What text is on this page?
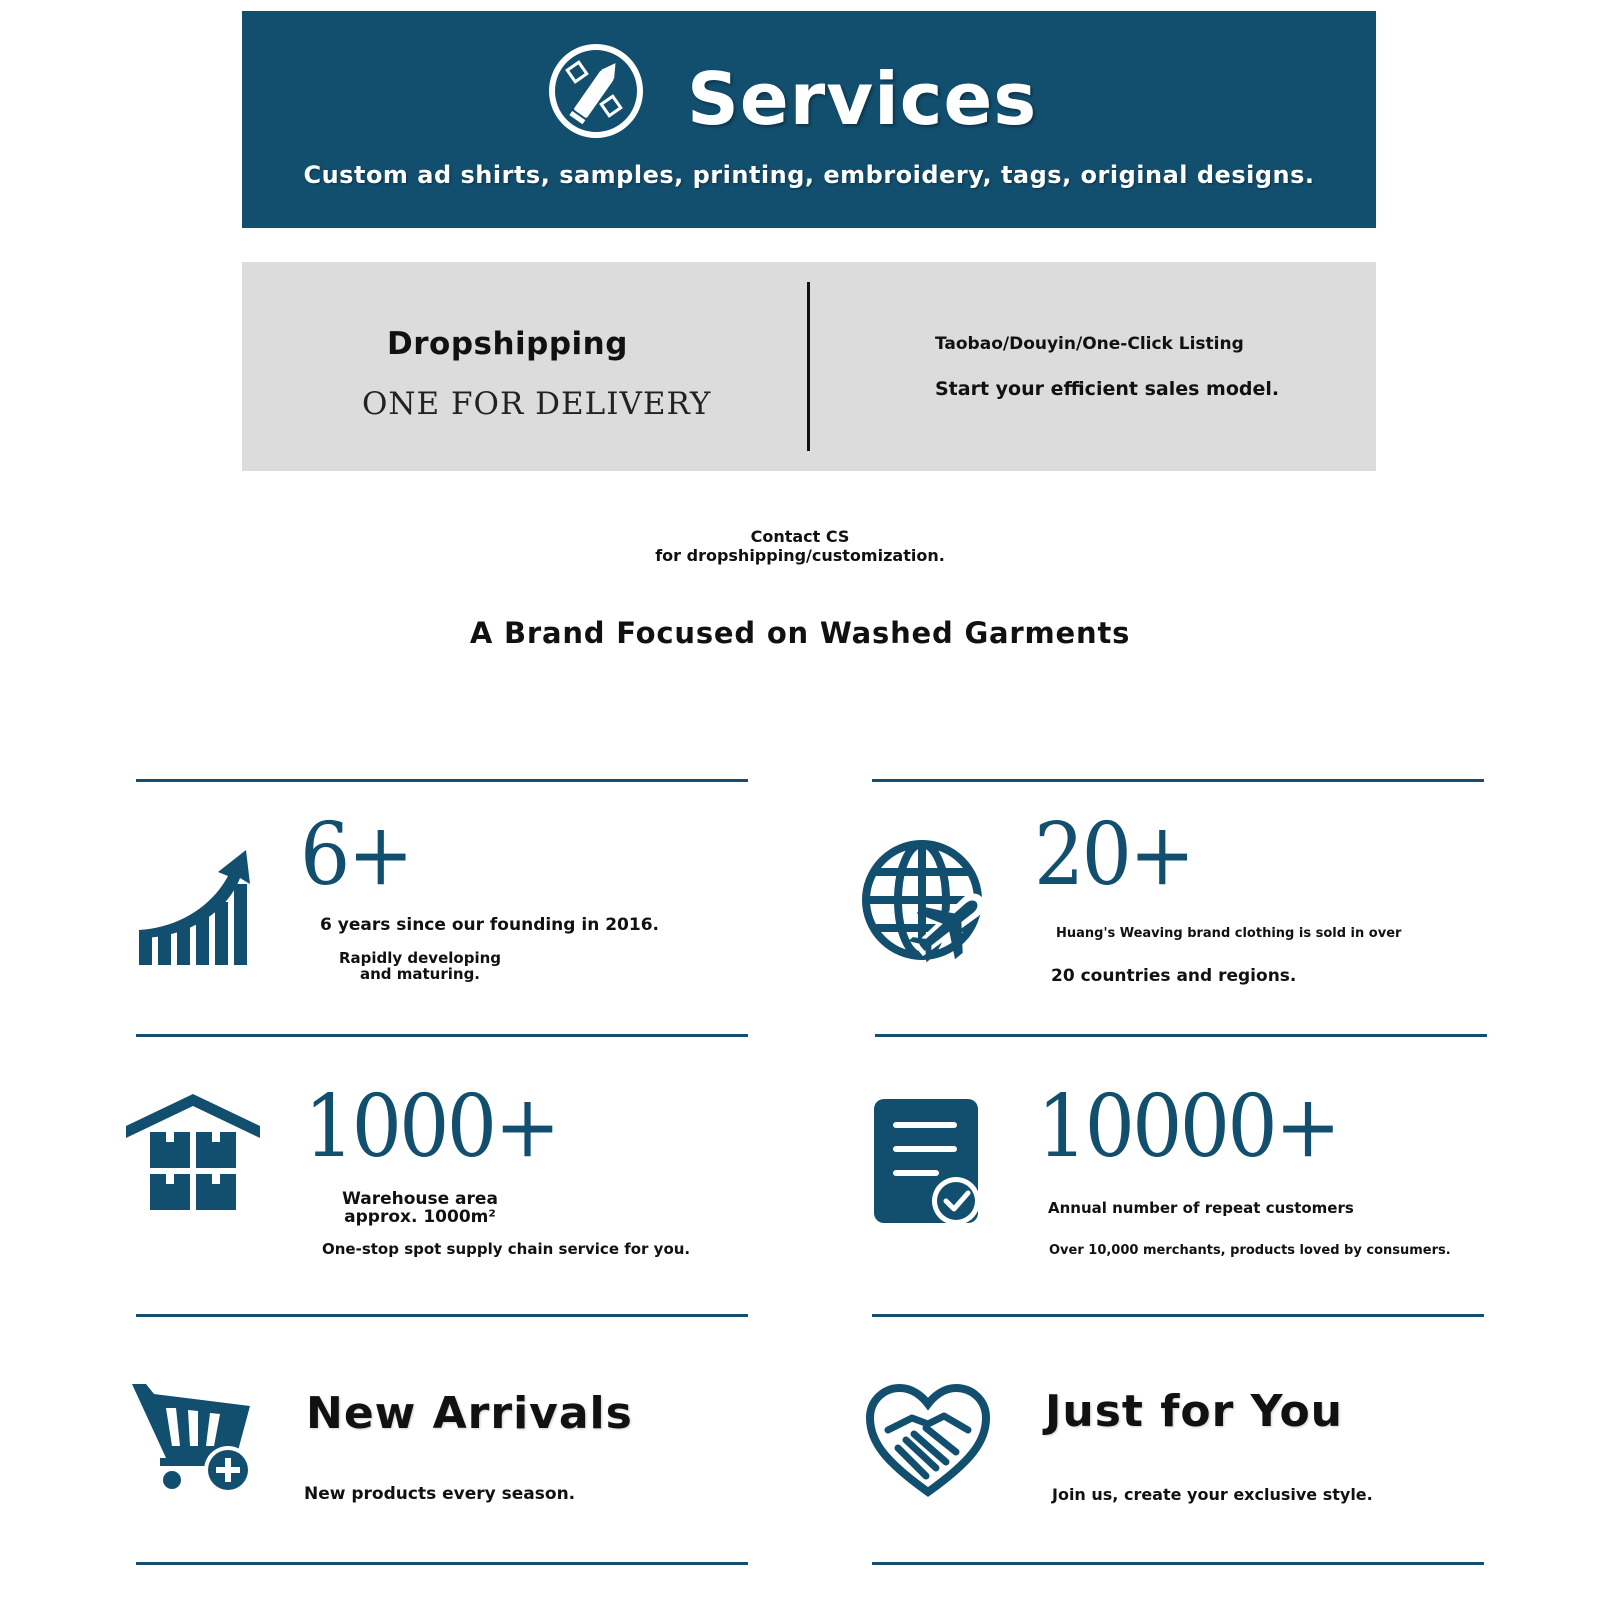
Services
Custom ad shirts, samples, printing, embroidery, tags, original designs.
Dropshipping
ONE FOR DELIVERY
Taobao/Douyin/One-Click Listing
Start your efficient sales model.
Contact CS
for dropshipping/customization.
A Brand Focused on Washed Garments
6+
6 years since our founding in 2016.
Rapidly developing
and maturing.
20+
Huang's Weaving brand clothing is sold in over
20 countries and regions.
1000+
Warehouse area
approx. 1000m²
One-stop spot supply chain service for you.
10000+
Annual number of repeat customers
Over 10,000 merchants, products loved by consumers.
New Arrivals
New products every season.
Just for You
Join us, create your exclusive style.
